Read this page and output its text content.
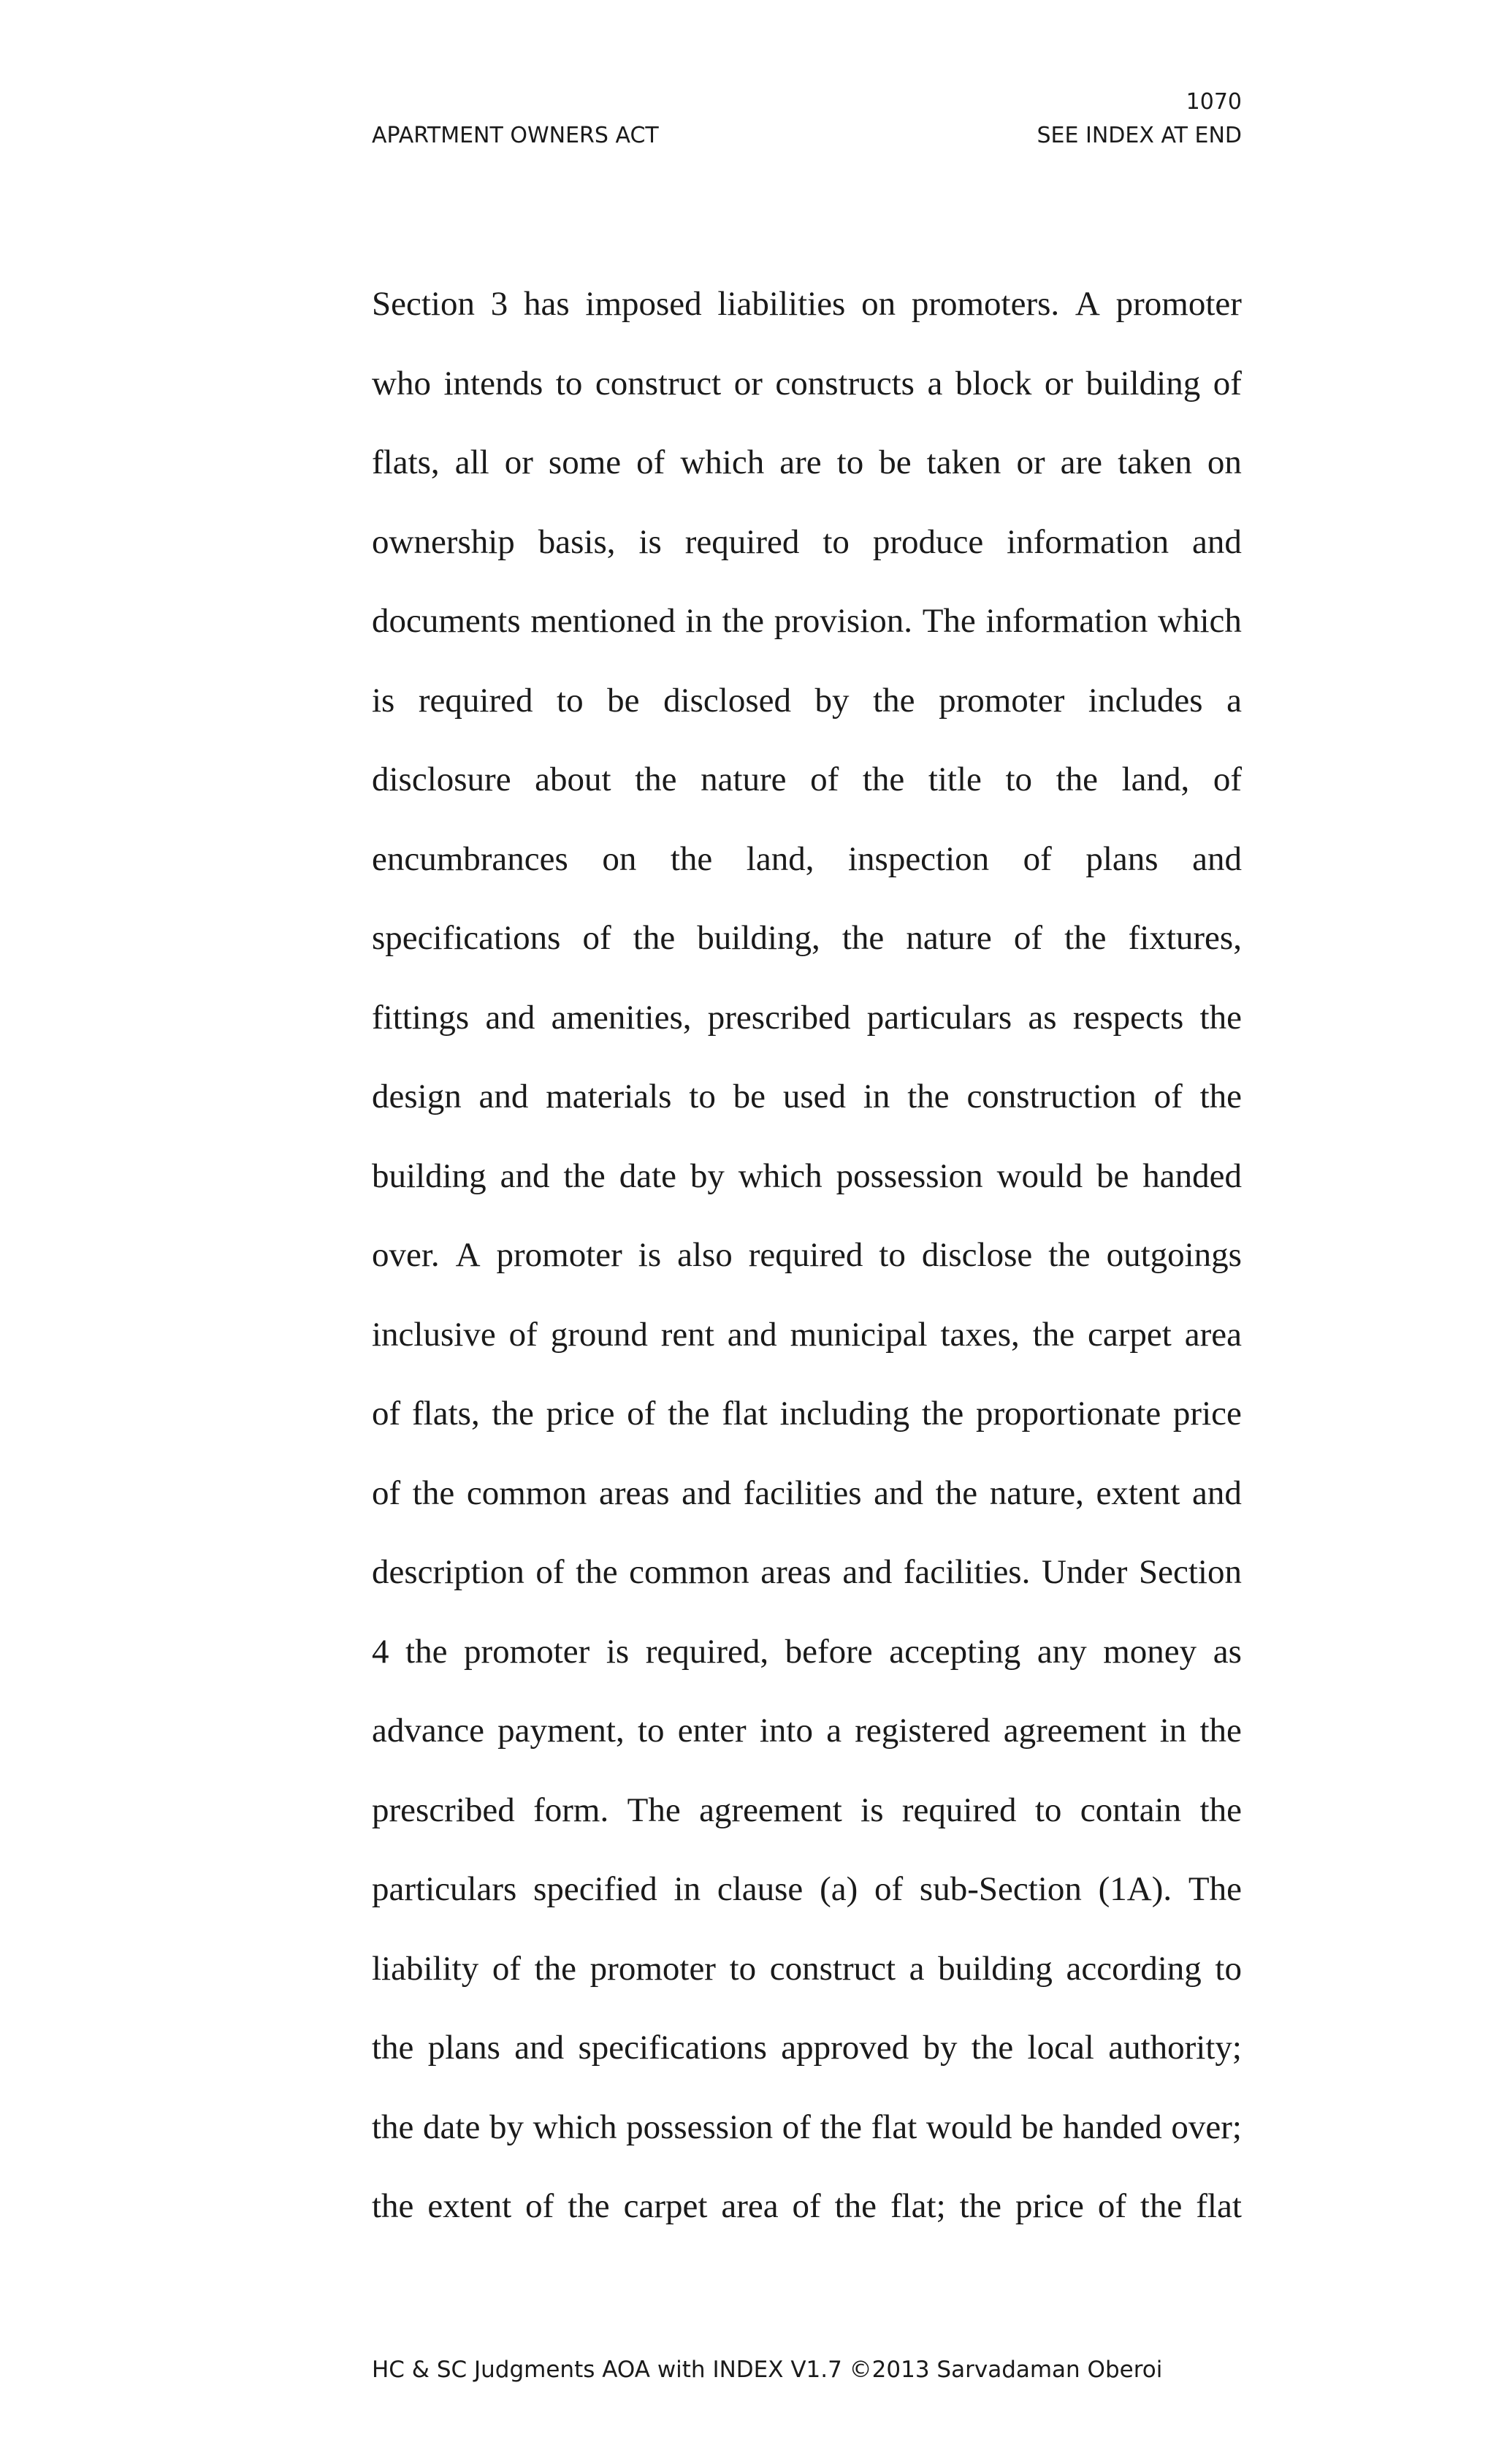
1070
APARTMENT OWNERS ACT	SEE INDEX AT END
Section 3 has imposed liabilities on promoters. A promoter
who intends to construct or constructs a block or building of
flats, all or some of which are to be taken or are taken on
ownership basis, is required to produce information and
documents mentioned in the provision. The information which
is required to be disclosed by the promoter includes a
disclosure about the nature of the title to the land, of
encumbrances on the land, inspection of plans and
specifications of the building, the nature of the fixtures,
fittings and amenities, prescribed particulars as respects the
design and materials to be used in the construction of the
building and the date by which possession would be handed
over. A promoter is also required to disclose the outgoings
inclusive of ground rent and municipal taxes, the carpet area
of flats, the price of the flat including the proportionate price
of the common areas and facilities and the nature, extent and
description of the common areas and facilities. Under Section
4 the promoter is required, before accepting any money as
advance payment, to enter into a registered agreement in the
prescribed form. The agreement is required to contain the
particulars specified in clause (a) of sub-Section (1A). The
liability of the promoter to construct a building according to
the plans and specifications approved by the local authority;
the date by which possession of the flat would be handed over;
the extent of the carpet area of the flat; the price of the flat
HC & SC Judgments AOA with INDEX V1.7 ©2013 Sarvadaman Oberoi
